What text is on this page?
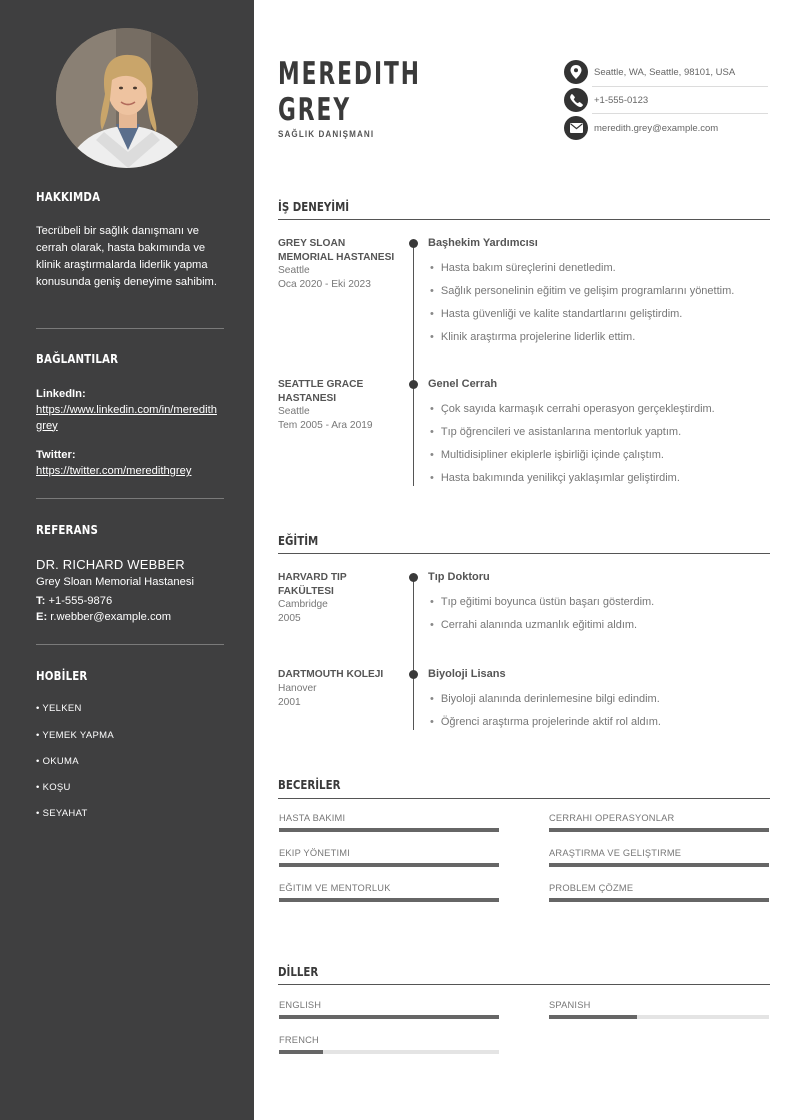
HAKKIMDA
Tecrübeli bir sağlık danışmanı ve cerrah olarak, hasta bakımında ve klinik araştırmalarda liderlik yapma konusunda geniş deneyime sahibim.
BAĞLANTILAR
LinkedIn:
https://www.linkedin.com/in/meredithgrey
Twitter:
https://twitter.com/meredithgrey
REFERANS
DR. RICHARD WEBBER
Grey Sloan Memorial Hastanesi
T: +1-555-9876
E: r.webber@example.com
HOBİLER
• YELKEN
• YEMEK YAPMA
• OKUMA
• KOŞU
• SEYAHAT
MEREDITH
GREY
SAĞLIK DANIŞMANI
Seattle, WA, Seattle, 98101, USA
+1-555-0123
meredith.grey@example.com
İŞ DENEYİMİ
GREY SLOAN MEMORIAL HASTANESI
Seattle
Oca 2020 - Eki 2023
Başhekim Yardımcısı
• Hasta bakım süreçlerini denetledim.
• Sağlık personelinin eğitim ve gelişim programlarını yönettim.
• Hasta güvenliği ve kalite standartlarını geliştirdim.
• Klinik araştırma projelerine liderlik ettim.
SEATTLE GRACE HASTANESI
Seattle
Tem 2005 - Ara 2019
Genel Cerrah
• Çok sayıda karmaşık cerrahi operasyon gerçekleştirdim.
• Tıp öğrencileri ve asistanlarına mentorluk yaptım.
• Multidisipliner ekiplerle işbirliği içinde çalıştım.
• Hasta bakımında yenilikçi yaklaşımlar geliştirdim.
EĞİTİM
HARVARD TIP FAKÜLTESI
Cambridge
2005
Tıp Doktoru
• Tıp eğitimi boyunca üstün başarı gösterdim.
• Cerrahi alanında uzmanlık eğitimi aldım.
DARTMOUTH KOLEJI
Hanover
2001
Biyoloji Lisans
• Biyoloji alanında derinlemesine bilgi edindim.
• Öğrenci araştırma projelerinde aktif rol aldım.
BECERİLER
HASTA BAKIMI	CERRAHI OPERASYONLAR
EKIP YÖNETIMI	ARAŞTIRMA VE GELIŞTIRME
EĞITIM VE MENTORLUK	PROBLEM ÇÖZME
DİLLER
ENGLISH	SPANISH
FRENCH
